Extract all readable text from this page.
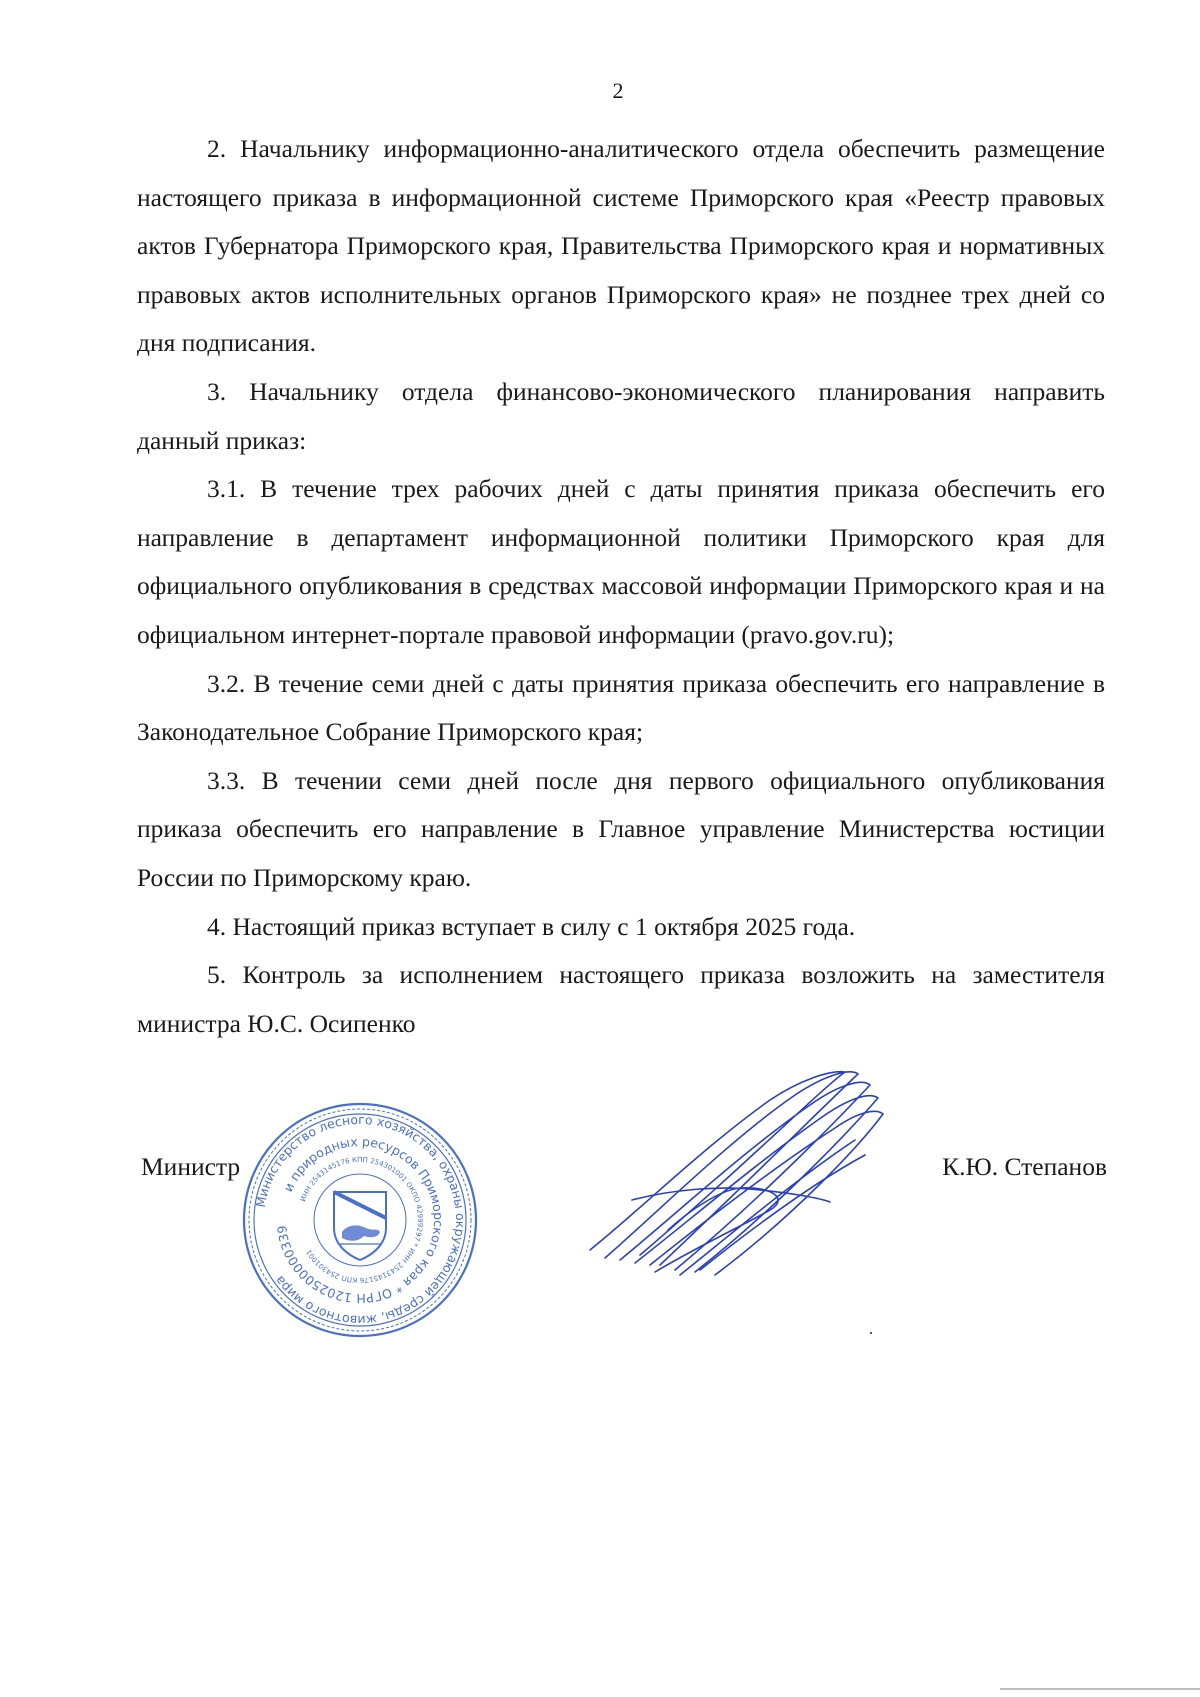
2

2. Начальнику информационно-аналитического отдела обеспечить размещение настоящего приказа в информационной системе Приморского края «Реестр правовых актов Губернатора Приморского края, Правительства Приморского края и нормативных правовых актов исполнительных органов Приморского края» не позднее трех дней со дня подписания.

3. Начальнику отдела финансово-экономического планирования направить данный приказ:

3.1. В течение трех рабочих дней с даты принятия приказа обеспечить его направление в департамент информационной политики Приморского края для официального опубликования в средствах массовой информации Приморского края и на официальном интернет-портале правовой информации (pravo.gov.ru);

3.2. В течение семи дней с даты принятия приказа обеспечить его направление в Законодательное Собрание Приморского края;

3.3. В течении семи дней после дня первого официального опубликования приказа обеспечить его направление в Главное управление Министерства юстиции России по Приморскому краю.

4. Настоящий приказ вступает в силу с 1 октября 2025 года.

5. Контроль за исполнением настоящего приказа возложить на заместителя министра Ю.С. Осипенко

Министерство лесного хозяйства, охраны окружающей среды, животного мира
и природных ресурсов Приморского края * ОГРН 1202500000339
ИНН 2543145176 КПП 254301001 ОКПО 42999297 * ИНН 2543145176 КПП 254301001
Министр	К.Ю. Степанов
